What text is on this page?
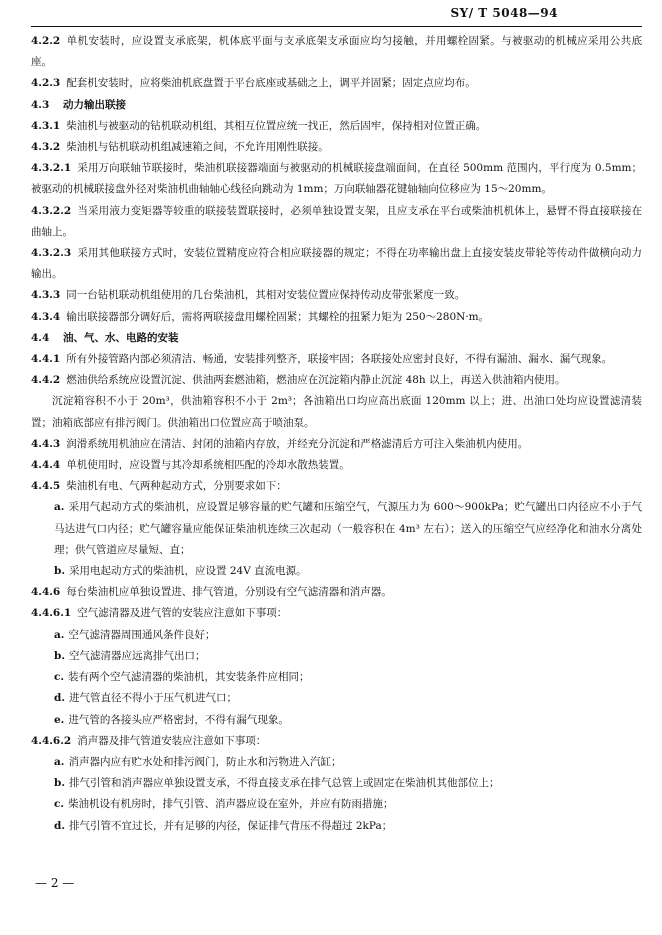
SY/ T 5048—94

4.2.2 单机安装时，应设置支承底架，机体底平面与支承底架支承面应均匀接触，并用螺栓固紧。与被驱动的机械应采用公共底座。

4.2.3 配套机安装时，应将柴油机底盘置于平台底座或基础之上，调平并固紧；固定点应均布。

4.3 动力输出联接

4.3.1 柴油机与被驱动的钻机联动机组，其相互位置应统一找正，然后固牢，保持相对位置正确。

4.3.2 柴油机与钻机联动机组减速箱之间，不允许用刚性联接。

4.3.2.1 采用万向联轴节联接时，柴油机联接器端面与被驱动的机械联接盘端面间，在直径 500mm 范围内，平行度为 0.5mm；被驱动的机械联接盘外径对柴油机曲轴轴心线径向跳动为 1mm；万向联轴器花键轴轴向位移应为 15～20mm。

4.3.2.2 当采用液力变矩器等较重的联接装置联接时，必须单独设置支架，且应支承在平台或柴油机机体上，悬臂不得直接联接在曲轴上。

4.3.2.3 采用其他联接方式时，安装位置精度应符合相应联接器的规定；不得在功率输出盘上直接安装皮带轮等传动件做横向动力输出。

4.3.3 同一台钻机联动机组使用的几台柴油机，其相对安装位置应保持传动皮带张紧度一致。

4.3.4 输出联接器部分调好后，需将两联接盘用螺栓固紧；其螺栓的扭紧力矩为 250～280N·m。

4.4 油、气、水、电路的安装

4.4.1 所有外接管路内部必须清洁、畅通，安装排列整齐，联接牢固；各联接处应密封良好，不得有漏油、漏水、漏气现象。

4.4.2 燃油供给系统应设置沉淀、供油两套燃油箱，燃油应在沉淀箱内静止沉淀 48h 以上，再送入供油箱内使用。

沉淀箱容积不小于 20m³，供油箱容积不小于 2m³；各油箱出口均应高出底面 120mm 以上；进、出油口处均应设置滤清装置；油箱底部应有排污阀门。供油箱出口位置应高于喷油泵。

4.4.3 润滑系统用机油应在清洁、封闭的油箱内存放，并经充分沉淀和严格滤清后方可注入柴油机内使用。

4.4.4 单机使用时，应设置与其冷却系统相匹配的冷却水散热装置。

4.4.5 柴油机有电、气两种起动方式，分别要求如下：

a. 采用气起动方式的柴油机，应设置足够容量的贮气罐和压缩空气，气源压力为 600～900kPa；贮气罐出口内径应不小于气马达进气口内径；贮气罐容量应能保证柴油机连续三次起动（一般容积在 4m³ 左右）；送入的压缩空气应经净化和油水分离处理；供气管道应尽量短、直；

b. 采用电起动方式的柴油机，应设置 24V 直流电源。

4.4.6 每台柴油机应单独设置进、排气管道，分别设有空气滤清器和消声器。

4.4.6.1 空气滤清器及进气管的安装应注意如下事项：

a. 空气滤清器周围通风条件良好；

b. 空气滤清器应远离排气出口；

c. 装有两个空气滤清器的柴油机，其安装条件应相同；

d. 进气管直径不得小于压气机进气口；

e. 进气管的各接头应严格密封，不得有漏气现象。

4.4.6.2 消声器及排气管道安装应注意如下事项：

a. 消声器内应有贮水处和排污阀门，防止水和污物进入汽缸；

b. 排气引管和消声器应单独设置支承，不得直接支承在排气总管上或固定在柴油机其他部位上；

c. 柴油机设有机房时，排气引管、消声器应设在室外，并应有防雨措施；

d. 排气引管不宜过长，并有足够的内径，保证排气背压不得超过 2kPa；

— 2 —
